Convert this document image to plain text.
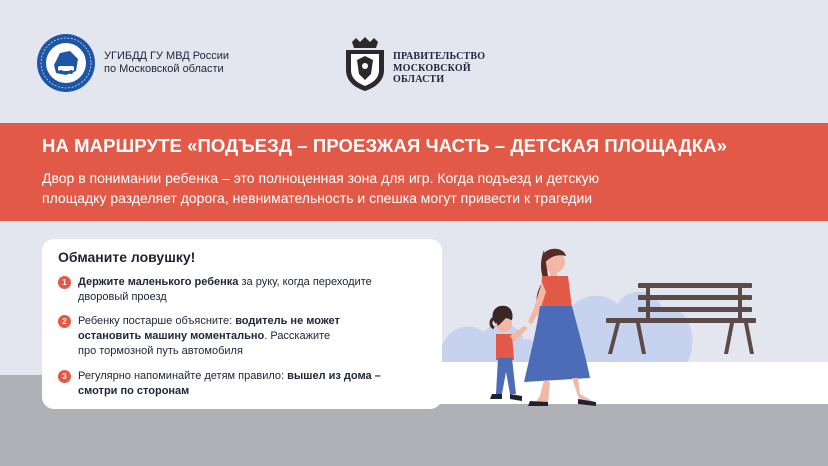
УГИБДД ГУ МВД России
по Московской области
ПРАВИТЕЛЬСТВО
МОСКОВСКОЙ
ОБЛАСТИ
НА МАРШРУТЕ «ПОДЪЕЗД – ПРОЕЗЖАЯ ЧАСТЬ – ДЕТСКАЯ ПЛОЩАДКА»
Двор в понимании ребенка – это полноценная зона для игр. Когда подъезд и детскую
площадку разделяет дорога, невнимательность и спешка могут привести к трагедии
Обманите ловушку!
1	Держите маленького ребенка за руку, когда переходите
дворовый проезд
2	Ребенку постарше объясните: водитель не может
остановить машину моментально. Расскажите
про тормозной путь автомобиля
3	Регулярно напоминайте детям правило: вышел из дома –
смотри по сторонам
